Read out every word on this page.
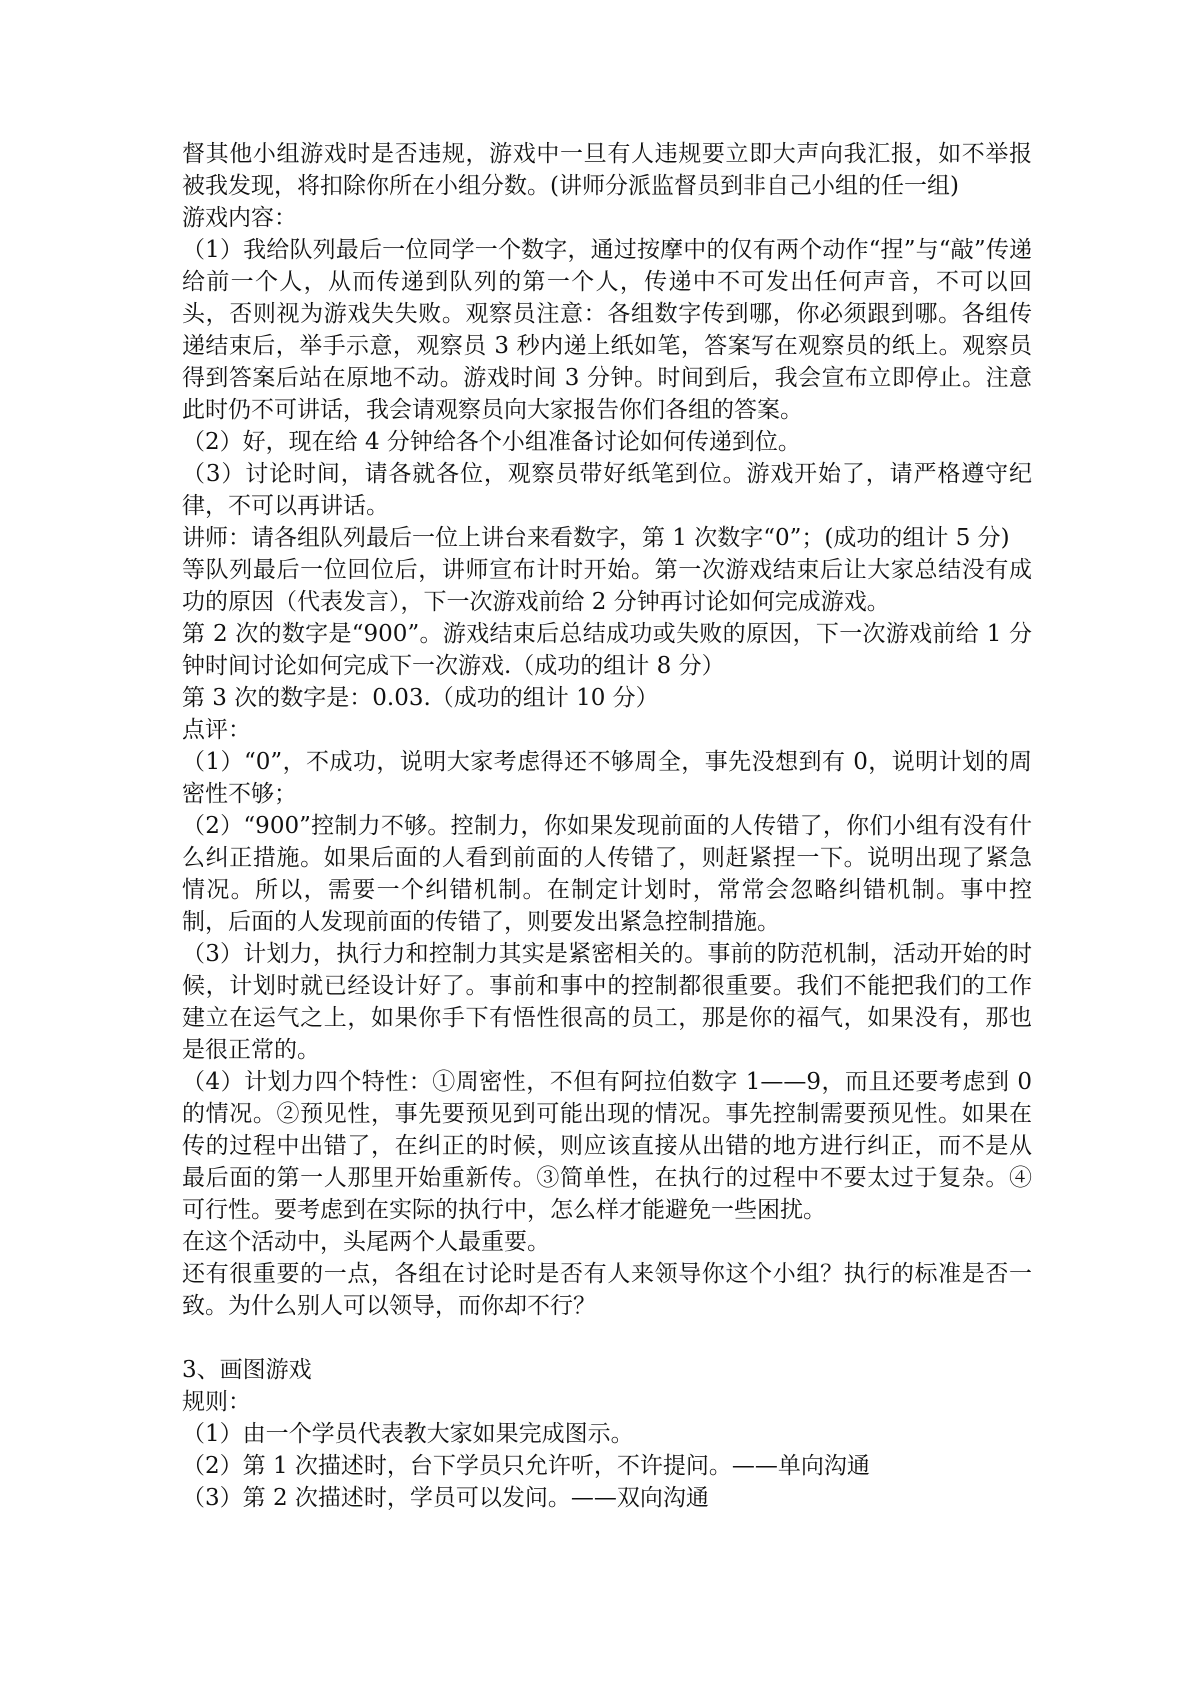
督其他小组游戏时是否违规，游戏中一旦有人违规要立即大声向我汇报，如不举报被我发现，将扣除你所在小组分数。(讲师分派监督员到非自己小组的任一组)

游戏内容：

（1）我给队列最后一位同学一个数字，通过按摩中的仅有两个动作“捏”与“敲”传递给前一个人，从而传递到队列的第一个人，传递中不可发出任何声音，不可以回头，否则视为游戏失失败。观察员注意：各组数字传到哪，你必须跟到哪。各组传递结束后，举手示意，观察员 3 秒内递上纸如笔，答案写在观察员的纸上。观察员得到答案后站在原地不动。游戏时间 3 分钟。时间到后，我会宣布立即停止。注意此时仍不可讲话，我会请观察员向大家报告你们各组的答案。

（2）好，现在给 4 分钟给各个小组准备讨论如何传递到位。

（3）讨论时间，请各就各位，观察员带好纸笔到位。游戏开始了，请严格遵守纪律，不可以再讲话。

讲师：请各组队列最后一位上讲台来看数字，第 1 次数字“0”；(成功的组计 5 分)

等队列最后一位回位后，讲师宣布计时开始。第一次游戏结束后让大家总结没有成功的原因（代表发言），下一次游戏前给 2 分钟再讨论如何完成游戏。

第 2 次的数字是“900”。游戏结束后总结成功或失败的原因，下一次游戏前给 1 分钟时间讨论如何完成下一次游戏.（成功的组计 8 分）

第 3 次的数字是：0.03.（成功的组计 10 分）

点评：

（1）“0”，不成功，说明大家考虑得还不够周全，事先没想到有 0，说明计划的周密性不够；

（2）“900”控制力不够。控制力，你如果发现前面的人传错了，你们小组有没有什么纠正措施。如果后面的人看到前面的人传错了，则赶紧捏一下。说明出现了紧急情况。所以，需要一个纠错机制。在制定计划时，常常会忽略纠错机制。事中控制，后面的人发现前面的传错了，则要发出紧急控制措施。

（3）计划力，执行力和控制力其实是紧密相关的。事前的防范机制，活动开始的时候，计划时就已经设计好了。事前和事中的控制都很重要。我们不能把我们的工作建立在运气之上，如果你手下有悟性很高的员工，那是你的福气，如果没有，那也是很正常的。

（4）计划力四个特性：①周密性，不但有阿拉伯数字 1——9，而且还要考虑到 0 的情况。②预见性，事先要预见到可能出现的情况。事先控制需要预见性。如果在传的过程中出错了，在纠正的时候，则应该直接从出错的地方进行纠正，而不是从最后面的第一人那里开始重新传。③简单性，在执行的过程中不要太过于复杂。④可行性。要考虑到在实际的执行中，怎么样才能避免一些困扰。

在这个活动中，头尾两个人最重要。

还有很重要的一点，各组在讨论时是否有人来领导你这个小组？执行的标准是否一致。为什么别人可以领导，而你却不行？

3、画图游戏

规则：

（1）由一个学员代表教大家如果完成图示。

（2）第 1 次描述时，台下学员只允许听，不许提问。——单向沟通

（3）第 2 次描述时，学员可以发问。——双向沟通
